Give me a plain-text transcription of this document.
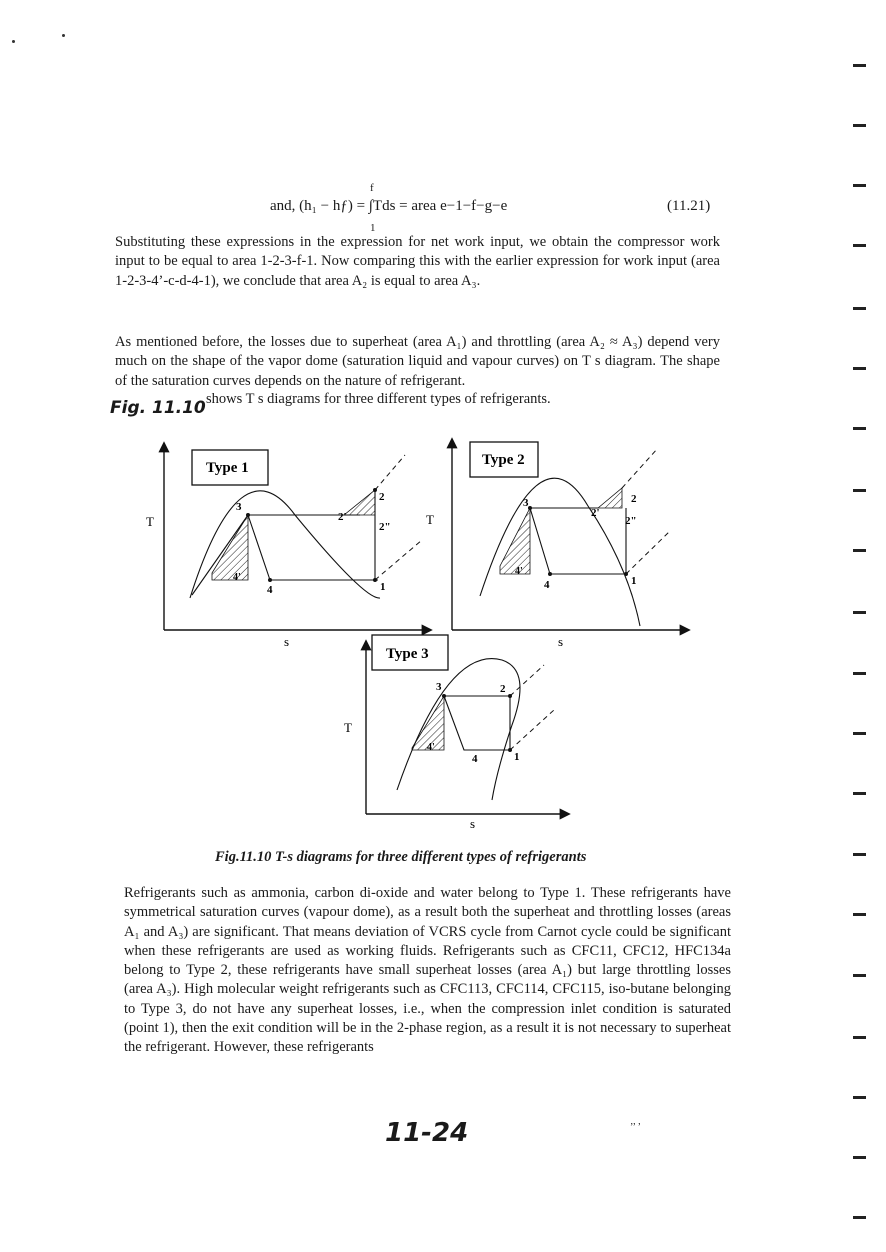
f
and, (h₁ − hƒ) = ∫Tds = area e−1−f−g−e
1
(11.21)

Substituting these expressions in the expression for net work input, we obtain the compressor work input to be equal to area 1-2-3-f-1. Now comparing this with the earlier expression for work input (area 1-2-3-4’-c-d-4-1), we conclude that area A₂ is equal to area A₃.

As mentioned before, the losses due to superheat (area A₁) and throttling (area A₂ ≈ A₃) depend very much on the shape of the vapor dome (saturation liquid and vapour curves) on T s diagram. The shape of the saturation curves depends on the nature of refrigerant.

Fig. 11.10 shows T s diagrams for three different types of refrigerants.
Type 1
T
s
3
2'
2
2"
4'
4	1
Type 2
T
s
3
2'
2
2"
4'
4	1
Type 3
T
s
3	2
4'
4	1
Fig.11.10 T-s diagrams for three different types of refrigerants

Refrigerants such as ammonia, carbon di-oxide and water belong to Type 1. These refrigerants have symmetrical saturation curves (vapour dome), as a result both the superheat and throttling losses (areas A₁ and A₃) are significant. That means deviation of VCRS cycle from Carnot cycle could be significant when these refrigerants are used as working fluids. Refrigerants such as CFC11, CFC12, HFC134a belong to Type 2, these refrigerants have small superheat losses (area A₁) but large throttling losses (area A₃). High molecular weight refrigerants such as CFC113, CFC114, CFC115, iso-butane belonging to Type 3, do not have any superheat losses, i.e., when the compression inlet condition is saturated (point 1), then the exit condition will be in the 2-phase region, as a result it is not necessary to superheat the refrigerant. However, these refrigerants

11-24	’’ ’
